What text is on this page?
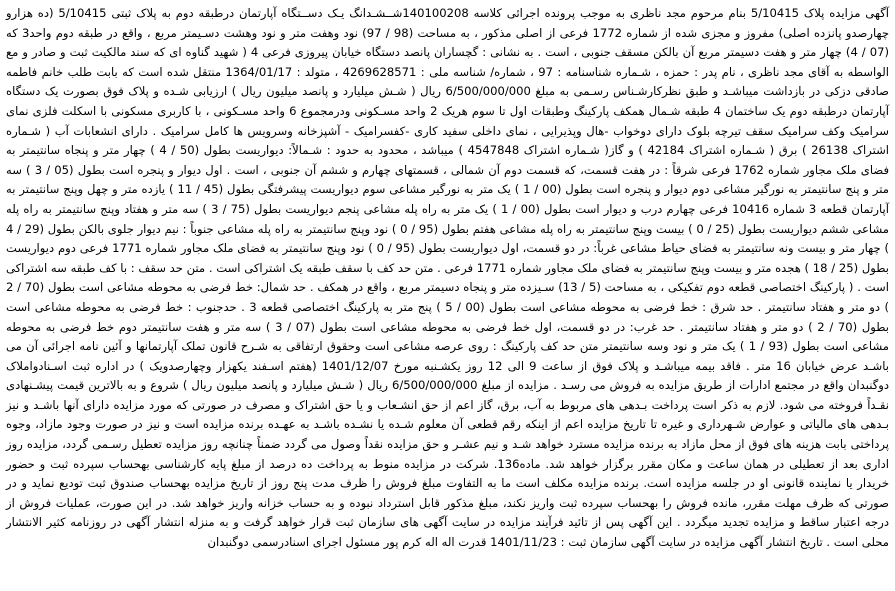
آگهی مزایده پلاک 5/10415 بنام مرحوم مجد ناظری به موجب پرونده اجرائی کلاسه 140100208شــشـدانگ یـک دســتگاه آپارتمان درطبقه دوم به پلاک ثبتی 5/10415 (ده هزارو چهارصدو پانزده اصلی) مفروز و مجزی شده از شماره 1772 فرعی از اصلی مذکور ، به مساحت (98 / 97) نود وهفت متر و نود وهشت دسـیمتر مربع ، واقع در طبقه دوم واحد3 که (07 / 4) چهار متر و هفت دسیمتر مربع آن بالکن مسقف جنوبی ، است . به نشانی : گچساران پانصد دستگاه خیابان پیروزی فرعی 4 ( شهید گناوه ای که سند مالکیت ثبت و صادر و مع الواسطه به آقای مجد ناظری ، نام پدر : حمزه ، شـماره شناسنامه : 97 ، شماره/ شناسه ملی : 4269628571 ، متولد : 1364/01/17 منتقل شده است که بابت طلب خانم فاطمه صادقی دزکی در بازداشت میباشـد و طبق نظرکارشـناس رسـمی به مبلغ 6/500/000/000 ریال ( شـش میلیارد و پانصد میلیون ریال ) ارزیابی شـده و پلاک فوق بصورت یک دستگاه آپارتمان درطبقه دوم یک ساختمان 4 طبقه شـمال همکف پارکینگ وطبقات اول تا سوم هریک 2 واحد مسـکونی ودرمجموع 6 واحد مسـکونی ، با کاربری مسکونی با اسکلت فلزی نمای سرامیک وکف سرامیک سقف تیرچه بلوک دارای دوخواب -هال وپذیرایی ، نمای داخلی سفید کاری -کفسرامیک - آشپزخانه وسرویس ها کامل سرامیک . دارای انشعابات آب ( شـماره اشتراک 26138 ) برق ( شـماره اشتراک 42184 ) و گاز( شـماره اشتراک 4547848 ) میباشد ، محدود به حدود : شـمالاً: دیواریست بطول (50 / 4 ) چهار متر و پنجاه سانتیمتر به فضای ملک مجاور شماره 1762 فرعی شرقاً : در هفت قسمت، که قسمت دوم آن شمالی ، قسمتهای چهارم و ششم آن جنوبی ، است . اول دیوار و پنجره است بطول (05 / 3 ) سه متر و پنج سانتیمتر به نورگیر مشاعی دوم دیوار و پنجره است بطول (00 / 1 ) یک متر به نورگیر مشاعی سوم دیواریست پیشرفتگی بطول (45 / 11 ) یازده متر و چهل وپنج سانتیمتر به آپارتمان قطعه 3 شماره 10416 فرعی چهارم درب و دیوار است بطول (00 / 1 ) یک متر به راه پله مشاعی پنجم دیواریست بطول (75 / 3 ) سه متر و هفتاد وپنج سانتیمتر به راه پله مشاعی ششم دیواریست بطول (25 / 0 ) بیست وپنج سانتیمتر به راه پله مشاعی هفتم بطول (95 / 0 ) نود وپنج سانتیمتر به راه پله مشاعی جنوباً : نیم دیوار جلوی بالکن بطول (29 / 4 ) چهار متر و بیست ونه سانتیمتر به فضای حیاط مشاعی غرباً: در دو قسمت، اول دیواریست بطول (95 / 0 ) نود وپنج سانتیمتر به فضای ملک مجاور شماره 1771 فرعی دوم دیواریست بطول (25 / 18 ) هجده متر و بیست وپنج سانتیمتر به فضای ملک مجاور شماره 1771 فرعی . متن حد کف با سقف طبقه یک اشتراکی است . متن حد سقف : با کف طبقه سه اشتراکی است . ( پارکینگ اختصاصی قطعه دوم تفکیکی ، به مساحت (5 / 13) سـیزده متر و پنجاه دسیمتر مربع ، واقع در همکف . حد شمال: خط فرضی به محوطه مشاعی است بطول (70 / 2 ) دو متر و هفتاد سانتیمتر . حد شرق : خط فرضی به محوطه مشاعی است بطول (00 / 5 ) پنج متر به پارکینگ اختصاصی قطعه 3 . حدجنوب : خط فرضی به محوطه مشاعی است بطول (70 / 2 ) دو متر و هفتاد سانتیمتر . حد غرب: در دو قسمت، اول خط فرضی به محوطه مشاعی است بطول (07 / 3 ) سه متر و هفت سانتیمتر دوم خط فرضی به محوطه مشاعی است بطول (93 / 1 ) یک متر و نود وسه سانتیمتر متن حد کف پارکینگ : روی عرصه مشاعی است وحقوق ارتفاقی به شـرح قانون تملک آپارتمانها و آئین نامه اجرائی آن می باشـد عرض خیابان 16 متر . فاقد بیمه میباشـد و پلاک فوق از ساعت 9 الی 12 روز یکشـنبه مورخ 1401/12/07 (هفتم اسـفند یکهزار وچهارصدویک ) در اداره ثبت اسـنادواملاک دوگنبدان واقع در مجتمع ادارات از طریق مزایده به فروش می رسـد . مزایده از مبلغ 6/500/000/000 ریال ( شـش میلیارد و پانصد میلیون ریال ) شروع و به بالاترین قیمت پیشـنهادی نقـداً فروخته می شود. لازم به ذکر است پرداخت بـدهی های مربوط به آب، برق، گاز اعم از حق انشـعاب و یا حق اشتراک و مصرف در صورتی که مورد مزایده دارای آنها باشـد و نیز بـدهی های مالیاتی و عوارض شـهرداری و غیره تا تاریخ مزایده اعم از اینکه رقم قطعی آن معلوم شـده یا نشـده باشـد به عهـده برنده مزایده است و نیز در صورت وجود مازاد، وجوه پرداختی بابت هزینه های فوق از محل مازاد به برنده مزایده مسترد خواهد شـد و نیم عشـر و حق مزایده نقداً وصول می گردد ضمناً چنانچه روز مزایده تعطیل رسـمی گردد، مزایده روز اداری بعد از تعطیلی در همان ساعت و مکان مقرر برگزار خواهد شد. ماده136. شرکت در مزایده منوط به پرداخت ده درصد از مبلغ پایه کارشناسی بهحساب سپرده ثبت و حضور خریدار یا نماینده قانونی او در جلسه مزایده است. برنده مزایده مکلف است ما به التفاوت مبلغ فروش را ظرف مدت پنج روز از تاریخ مزایده بهحساب صندوق ثبت تودیع نماید و در صورتی که ظرف مهلت مقرر، مانده فروش را بهحساب سپرده ثبت واریز نکند، مبلغ مذکور قابل استرداد نبوده و به حساب خزانه واریز خواهد شد. در این صورت، عملیات فروش از درجه اعتبار ساقط و مزایده تجدید میگردد . این آگهی پس از تائید فرآیند مزایده در سایت آگهی های سازمان ثبت قرار خواهد گرفت و به منزله انتشار آگهی در روزنامه کثیر الانتشار محلی است . تاریخ انتشار آگهی مزایده در سایت آگهی سازمان ثبت : 1401/11/23 قدرت اله اله کرم پور مسئول اجرای اسنادرسمی دوگنبدان
